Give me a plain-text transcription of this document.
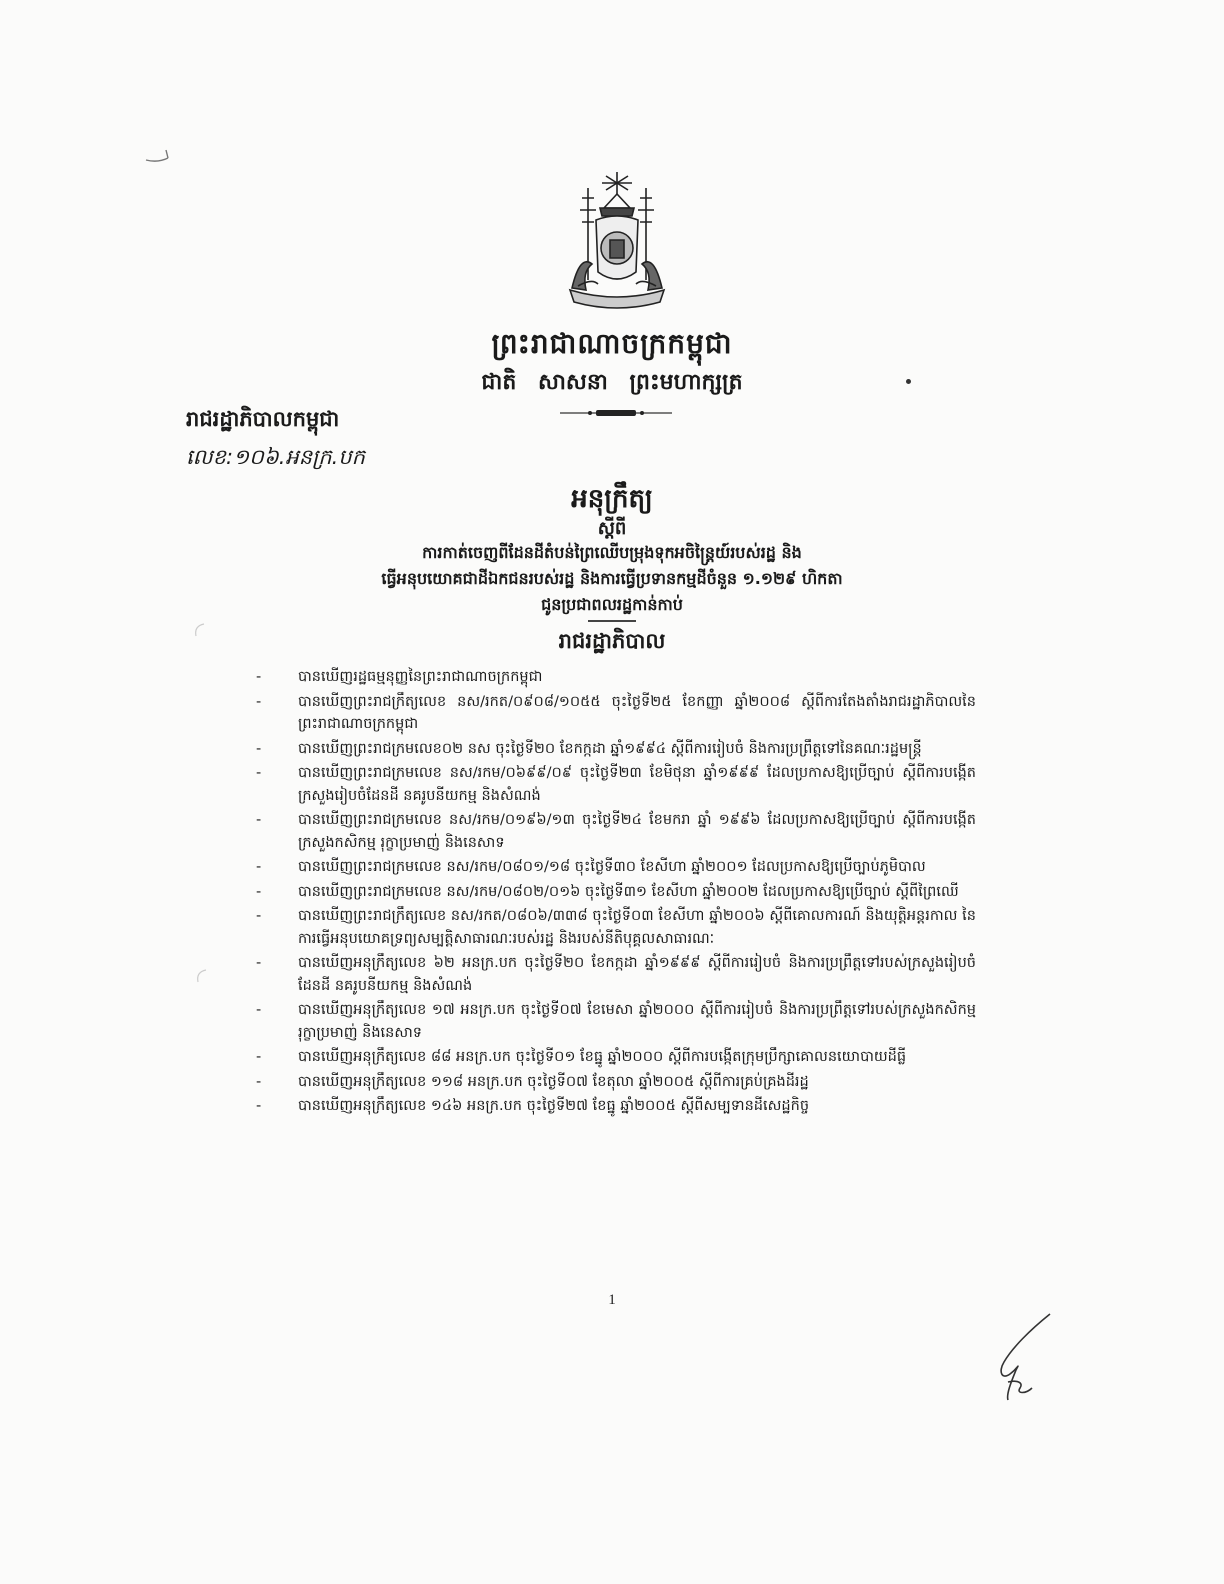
ព្រះរាជាណាចក្រកម្ពុជា
ជាតិ សាសនា ព្រះមហាក្សត្រ
រាជរដ្ឋាភិបាលកម្ពុជា
លេខ:១០៦.អនក្រ.បក
អនុក្រឹត្យ
ស្ដីពី
ការកាត់ចេញពីដែនដីតំបន់ព្រៃឈើបម្រុងទុកអចិន្ត្រៃយ៍របស់រដ្ឋ និង
ធ្វើអនុបយោគជាដីឯកជនរបស់រដ្ឋ និងការធ្វើប្រទានកម្មដីចំនួន ១.១២៩ ហិកតា
ជូនប្រជាពលរដ្ឋកាន់កាប់
រាជរដ្ឋាភិបាល
-	បានឃើញរដ្ឋធម្មនុញ្ញនៃព្រះរាជាណាចក្រកម្ពុជា
-	បានឃើញព្រះរាជក្រឹត្យលេខ នស/រកត/០៩០៨/១០៥៥ ចុះថ្ងៃទី២៥ ខែកញ្ញា ឆ្នាំ២០០៨ ស្ដីពីការតែងតាំងរាជរដ្ឋាភិបាលនៃព្រះរាជាណាចក្រកម្ពុជា
-	បានឃើញព្រះរាជក្រមលេខ០២ នស ចុះថ្ងៃទី២០ ខែកក្កដា ឆ្នាំ១៩៩៤ ស្ដីពីការរៀបចំ និងការប្រព្រឹត្តទៅនៃគណៈរដ្ឋមន្ត្រី
-	បានឃើញព្រះរាជក្រមលេខ នស/រកម/០៦៩៩/០៩ ចុះថ្ងៃទី២៣ ខែមិថុនា ឆ្នាំ១៩៩៩ ដែលប្រកាសឱ្យប្រើច្បាប់ ស្ដីពីការបង្កើតក្រសួងរៀបចំដែនដី នគរូបនីយកម្ម និងសំណង់
-	បានឃើញព្រះរាជក្រមលេខ នស/រកម/០១៩៦/១៣ ចុះថ្ងៃទី២៤ ខែមករា ឆ្នាំ ១៩៩៦ ដែលប្រកាសឱ្យប្រើច្បាប់ ស្ដីពីការបង្កើតក្រសួងកសិកម្ម រុក្ខាប្រមាញ់ និងនេសាទ
-	បានឃើញព្រះរាជក្រមលេខ នស/រកម/០៨០១/១៨ ចុះថ្ងៃទី៣០ ខែសីហា ឆ្នាំ២០០១ ដែលប្រកាសឱ្យប្រើច្បាប់ភូមិបាល
-	បានឃើញព្រះរាជក្រមលេខ នស/រកម/០៨០២/០១៦ ចុះថ្ងៃទី៣១ ខែសីហា ឆ្នាំ២០០២ ដែលប្រកាសឱ្យប្រើច្បាប់ ស្ដីពីព្រៃឈើ
-	បានឃើញព្រះរាជក្រឹត្យលេខ នស/រកត/០៨០៦/៣៣៨ ចុះថ្ងៃទី០៣ ខែសីហា ឆ្នាំ២០០៦ ស្ដីពីគោលការណ៍ និងយុត្តិអន្តរកាល នៃការធ្វើអនុបយោគទ្រព្យសម្បត្តិសាធារណៈរបស់រដ្ឋ និងរបស់នីតិបុគ្គលសាធារណៈ
-	បានឃើញអនុក្រឹត្យលេខ ៦២ អនក្រ.បក ចុះថ្ងៃទី២០ ខែកក្កដា ឆ្នាំ១៩៩៩ ស្ដីពីការរៀបចំ និងការប្រព្រឹត្តទៅរបស់ក្រសួងរៀបចំដែនដី នគរូបនីយកម្ម និងសំណង់
-	បានឃើញអនុក្រឹត្យលេខ ១៧ អនក្រ.បក ចុះថ្ងៃទី០៧ ខែមេសា ឆ្នាំ២០០០ ស្ដីពីការរៀបចំ និងការប្រព្រឹត្តទៅរបស់ក្រសួងកសិកម្ម រុក្ខាប្រមាញ់ និងនេសាទ
-	បានឃើញអនុក្រឹត្យលេខ ៨៨ អនក្រ.បក ចុះថ្ងៃទី០១ ខែធ្នូ ឆ្នាំ២០០០ ស្ដីពីការបង្កើតក្រុមប្រឹក្សាគោលនយោបាយដីធ្លី
-	បានឃើញអនុក្រឹត្យលេខ ១១៨ អនក្រ.បក ចុះថ្ងៃទី០៧ ខែតុលា ឆ្នាំ២០០៥ ស្ដីពីការគ្រប់គ្រងដីរដ្ឋ
-	បានឃើញអនុក្រឹត្យលេខ ១៤៦ អនក្រ.បក ចុះថ្ងៃទី២៧ ខែធ្នូ ឆ្នាំ២០០៥ ស្ដីពីសម្បទានដីសេដ្ឋកិច្ច
1
